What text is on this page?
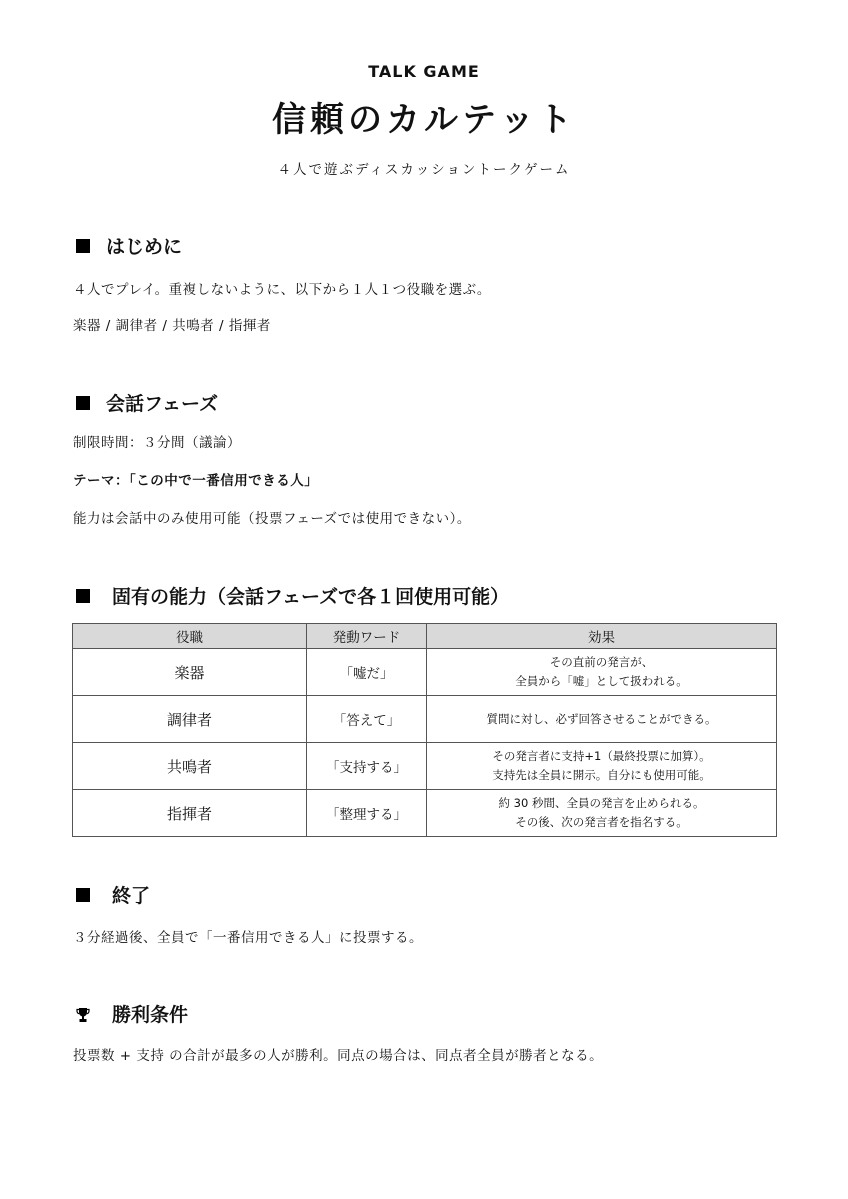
TALK GAME
信頼のカルテット
４人で遊ぶディスカッショントークゲーム
はじめに
４人でプレイ。重複しないように、以下から１人１つ役職を選ぶ。
楽器 / 調律者 / 共鳴者 / 指揮者
会話フェーズ
制限時間：３分間（議論）
テーマ：「この中で一番信用できる人」
能力は会話中のみ使用可能（投票フェーズでは使用できない）。
固有の能力（会話フェーズで各１回使用可能）
役職	発動ワード	効果
楽器	「嘘だ」	その直前の発言が、
全員から「嘘」として扱われる。

調律者	「答えて」	質問に対し、必ず回答させることができる。

共鳴者	「支持する」	その発言者に支持+1（最終投票に加算）。
支持先は全員に開示。自分にも使用可能。

指揮者	「整理する」	約 30 秒間、全員の発言を止められる。
その後、次の発言者を指名する。
終了
３分経過後、全員で「一番信用できる人」に投票する。
勝利条件
投票数 + 支持 の合計が最多の人が勝利。同点の場合は、同点者全員が勝者となる。
